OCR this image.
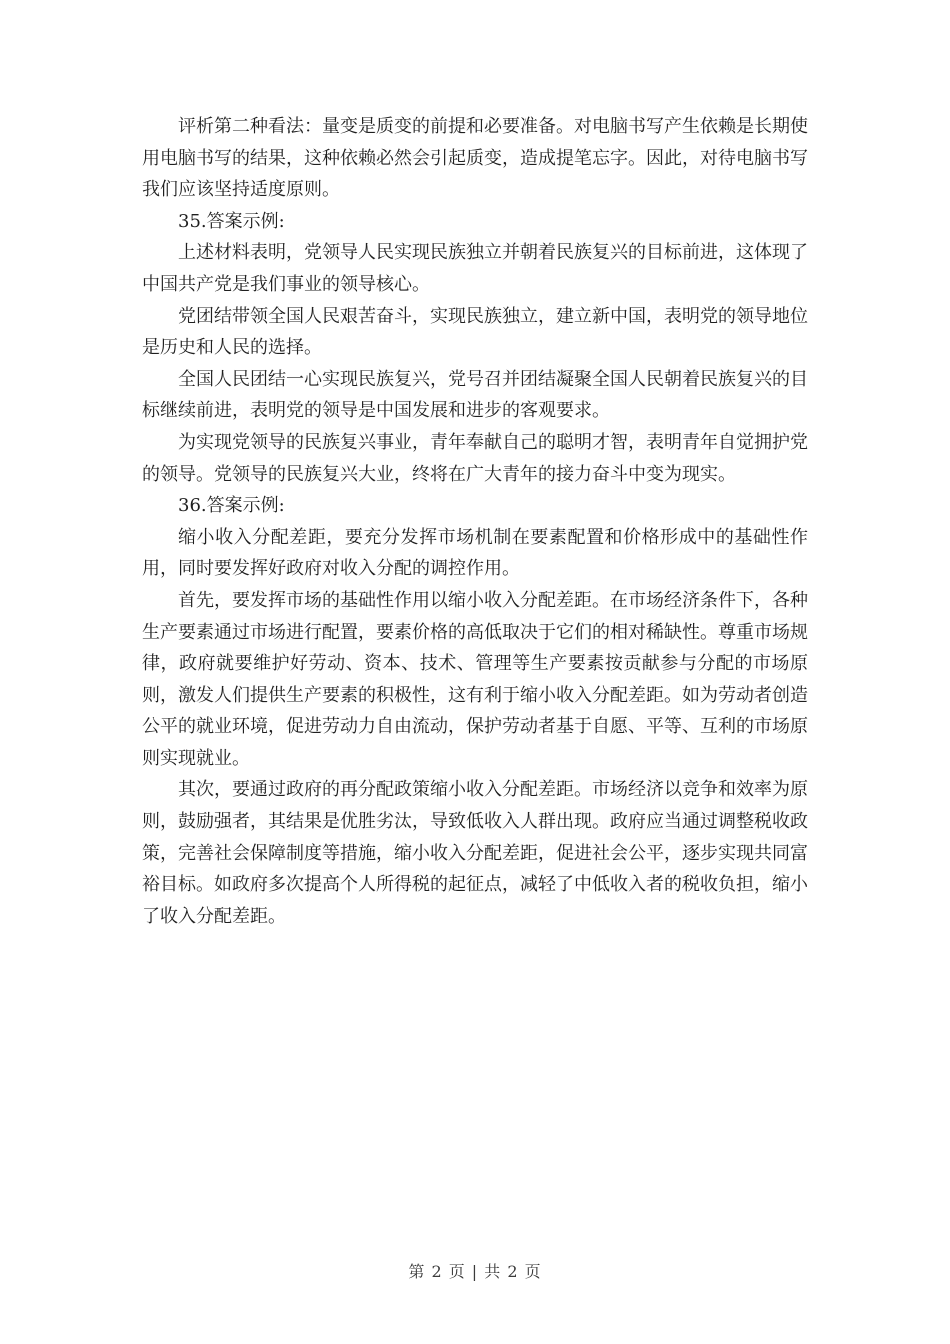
评析第二种看法：量变是质变的前提和必要准备。对电脑书写产生依赖是长期使用电脑书写的结果，这种依赖必然会引起质变，造成提笔忘字。因此，对待电脑书写我们应该坚持适度原则。

35.答案示例:

上述材料表明，党领导人民实现民族独立并朝着民族复兴的目标前进，这体现了中国共产党是我们事业的领导核心。

党团结带领全国人民艰苦奋斗，实现民族独立，建立新中国，表明党的领导地位是历史和人民的选择。

全国人民团结一心实现民族复兴，党号召并团结凝聚全国人民朝着民族复兴的目标继续前进，表明党的领导是中国发展和进步的客观要求。

为实现党领导的民族复兴事业，青年奉献自己的聪明才智，表明青年自觉拥护党的领导。党领导的民族复兴大业，终将在广大青年的接力奋斗中变为现实。

36.答案示例:

缩小收入分配差距，要充分发挥市场机制在要素配置和价格形成中的基础性作用，同时要发挥好政府对收入分配的调控作用。

首先，要发挥市场的基础性作用以缩小收入分配差距。在市场经济条件下，各种生产要素通过市场进行配置，要素价格的高低取决于它们的相对稀缺性。尊重市场规律，政府就要维护好劳动、资本、技术、管理等生产要素按贡献参与分配的市场原则，激发人们提供生产要素的积极性，这有利于缩小收入分配差距。如为劳动者创造公平的就业环境，促进劳动力自由流动，保护劳动者基于自愿、平等、互利的市场原则实现就业。

其次，要通过政府的再分配政策缩小收入分配差距。市场经济以竞争和效率为原则，鼓励强者，其结果是优胜劣汰，导致低收入人群出现。政府应当通过调整税收政策，完善社会保障制度等措施，缩小收入分配差距，促进社会公平，逐步实现共同富裕目标。如政府多次提高个人所得税的起征点，减轻了中低收入者的税收负担，缩小了收入分配差距。

第 2 页 | 共 2 页
